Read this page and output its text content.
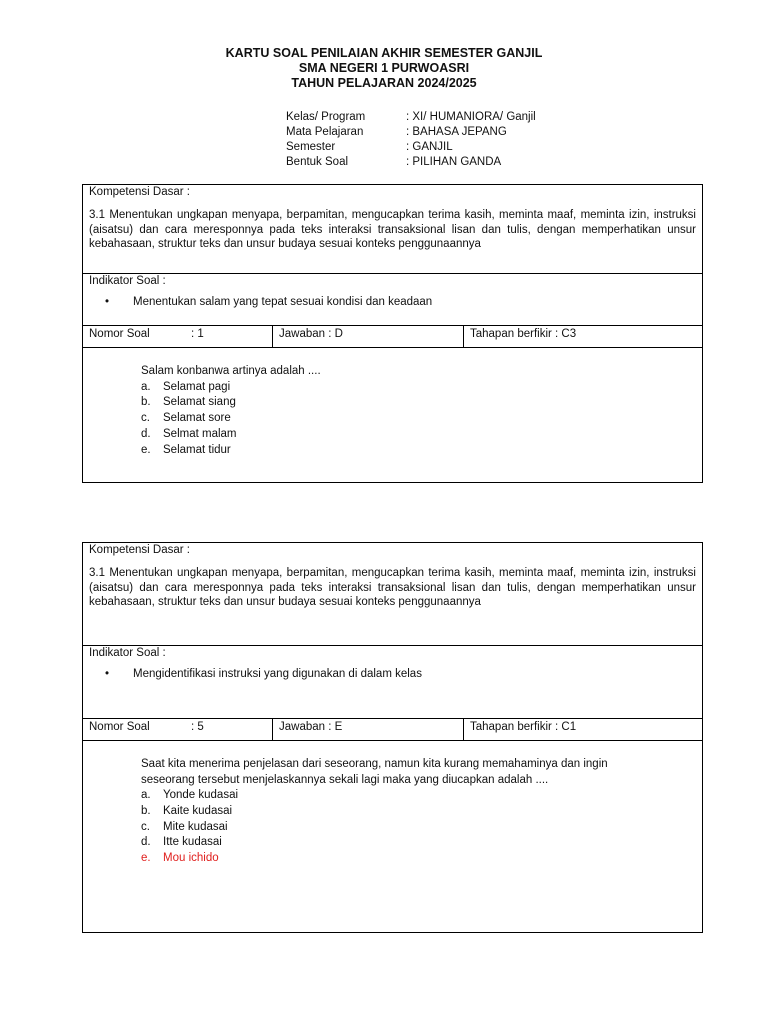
KARTU SOAL PENILAIAN AKHIR SEMESTER GANJIL
SMA NEGERI 1 PURWOASRI
TAHUN PELAJARAN 2024/2025
Kelas/ Program	: XI/ HUMANIORA/ Ganjil
Mata Pelajaran	: BAHASA JEPANG
Semester	: GANJIL
Bentuk Soal	: PILIHAN GANDA
Kompetensi Dasar :
3.1 Menentukan ungkapan menyapa, berpamitan, mengucapkan terima kasih, meminta maaf, meminta izin, instruksi (aisatsu) dan cara meresponnya pada teks interaksi transaksional lisan dan tulis, dengan memperhatikan unsur kebahasaan, struktur teks dan unsur budaya sesuai konteks penggunaannya
Indikator Soal :
•	Menentukan salam yang tepat sesuai kondisi dan keadaan
Nomor Soal	: 1	Jawaban : D	Tahapan berfikir : C3
Salam konbanwa artinya adalah ....
a.	Selamat pagi
b.	Selamat siang
c.	Selamat sore
d.	Selmat malam
e.	Selamat tidur
Kompetensi Dasar :
3.1 Menentukan ungkapan menyapa, berpamitan, mengucapkan terima kasih, meminta maaf, meminta izin, instruksi (aisatsu) dan cara meresponnya pada teks interaksi transaksional lisan dan tulis, dengan memperhatikan unsur kebahasaan, struktur teks dan unsur budaya sesuai konteks penggunaannya
Indikator Soal :
•	Mengidentifikasi instruksi yang digunakan di dalam kelas
Nomor Soal	: 5	Jawaban : E	Tahapan berfikir : C1
Saat kita menerima penjelasan dari seseorang, namun kita kurang memahaminya dan ingin seseorang tersebut menjelaskannya sekali lagi maka yang diucapkan adalah ....
a.	Yonde kudasai
b.	Kaite kudasai
c.	Mite kudasai
d.	Itte kudasai
e.	Mou ichido
